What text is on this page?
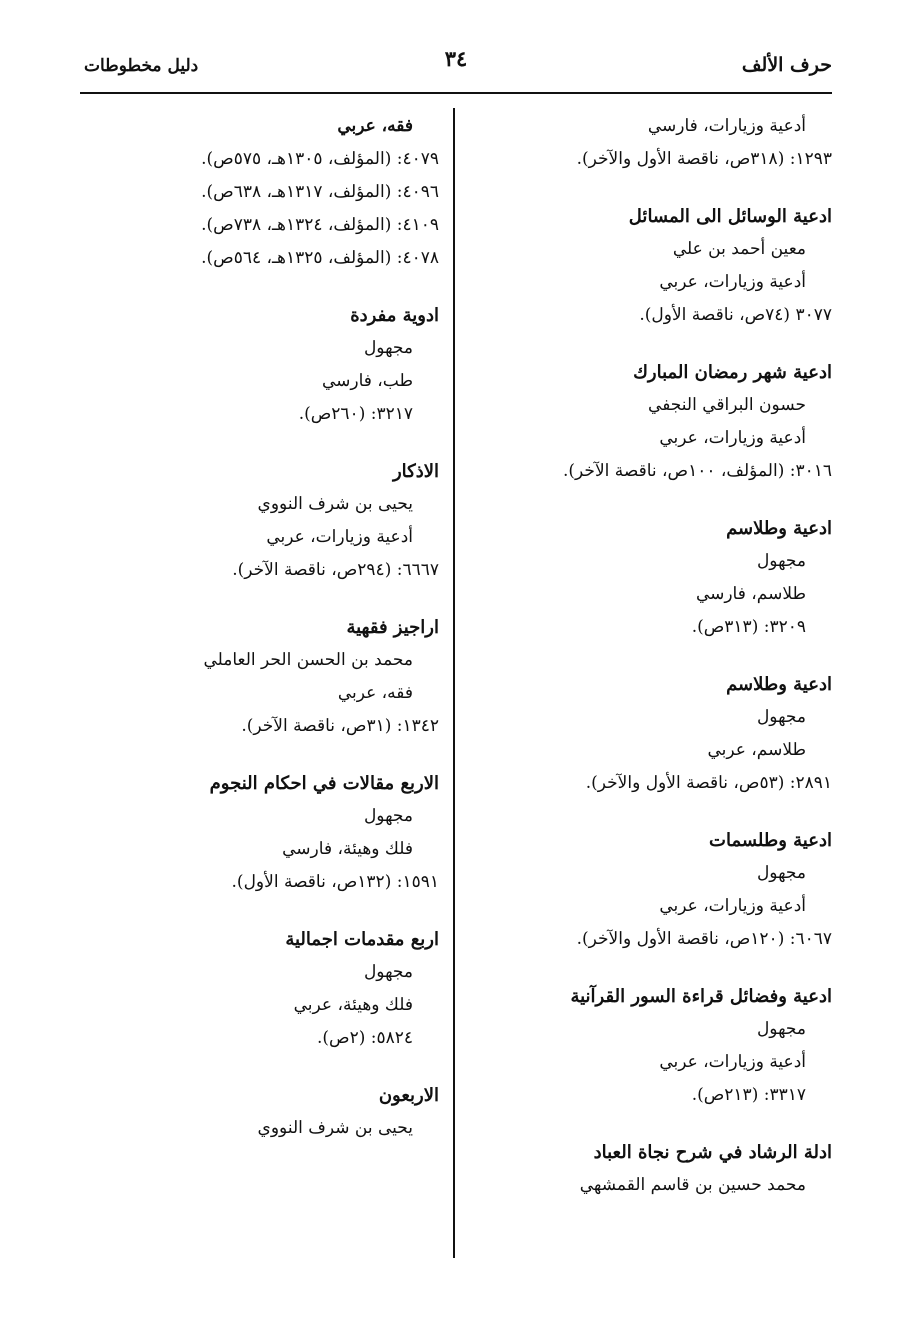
حرف الألف
٣٤
دليل مخطوطات
أدعية وزيارات، فارسي
١٢٩٣: (٣١٨ص، ناقصة الأول والآخر).
ادعية الوسائل الى المسائل
معين أحمد بن علي
أدعية وزيارات، عربي
٣٠٧٧ (٧٤ص، ناقصة الأول).
ادعية شهر رمضان المبارك
حسون البراقي النجفي
أدعية وزيارات، عربي
٣٠١٦: (المؤلف، ١٠٠ص، ناقصة الآخر).
ادعية وطلاسم
مجهول
طلاسم، فارسي
٣٢٠٩: (٣١٣ص).
ادعية وطلاسم
مجهول
طلاسم، عربي
٢٨٩١: (٥٣ص، ناقصة الأول والآخر).
ادعية وطلسمات
مجهول
أدعية وزيارات، عربي
٦٠٦٧: (١٢٠ص، ناقصة الأول والآخر).
ادعية وفضائل قراءة السور القرآنية
مجهول
أدعية وزيارات، عربي
٣٣١٧: (٢١٣ص).
ادلة الرشاد في شرح نجاة العباد
محمد حسين بن قاسم القمشهي
فقه، عربي
٤٠٧٩: (المؤلف، ١٣٠٥هـ، ٥٧٥ص).
٤٠٩٦: (المؤلف، ١٣١٧هـ، ٦٣٨ص).
٤١٠٩: (المؤلف، ١٣٢٤هـ، ٧٣٨ص).
٤٠٧٨: (المؤلف، ١٣٢٥هـ، ٥٦٤ص).
ادوية مفردة
مجهول
طب، فارسي
٣٢١٧: (٢٦٠ص).
الاذكار
يحيى بن شرف النووي
أدعية وزيارات، عربي
٦٦٦٧: (٢٩٤ص، ناقصة الآخر).
اراجيز فقهية
محمد بن الحسن الحر العاملي
فقه، عربي
١٣٤٢: (٣١ص، ناقصة الآخر).
الاربع مقالات في احكام النجوم
مجهول
فلك وهيئة، فارسي
١٥٩١: (١٣٢ص، ناقصة الأول).
اربع مقدمات اجمالية
مجهول
فلك وهيئة، عربي
٥٨٢٤: (٢ص).
الاربعون
يحيى بن شرف النووي
